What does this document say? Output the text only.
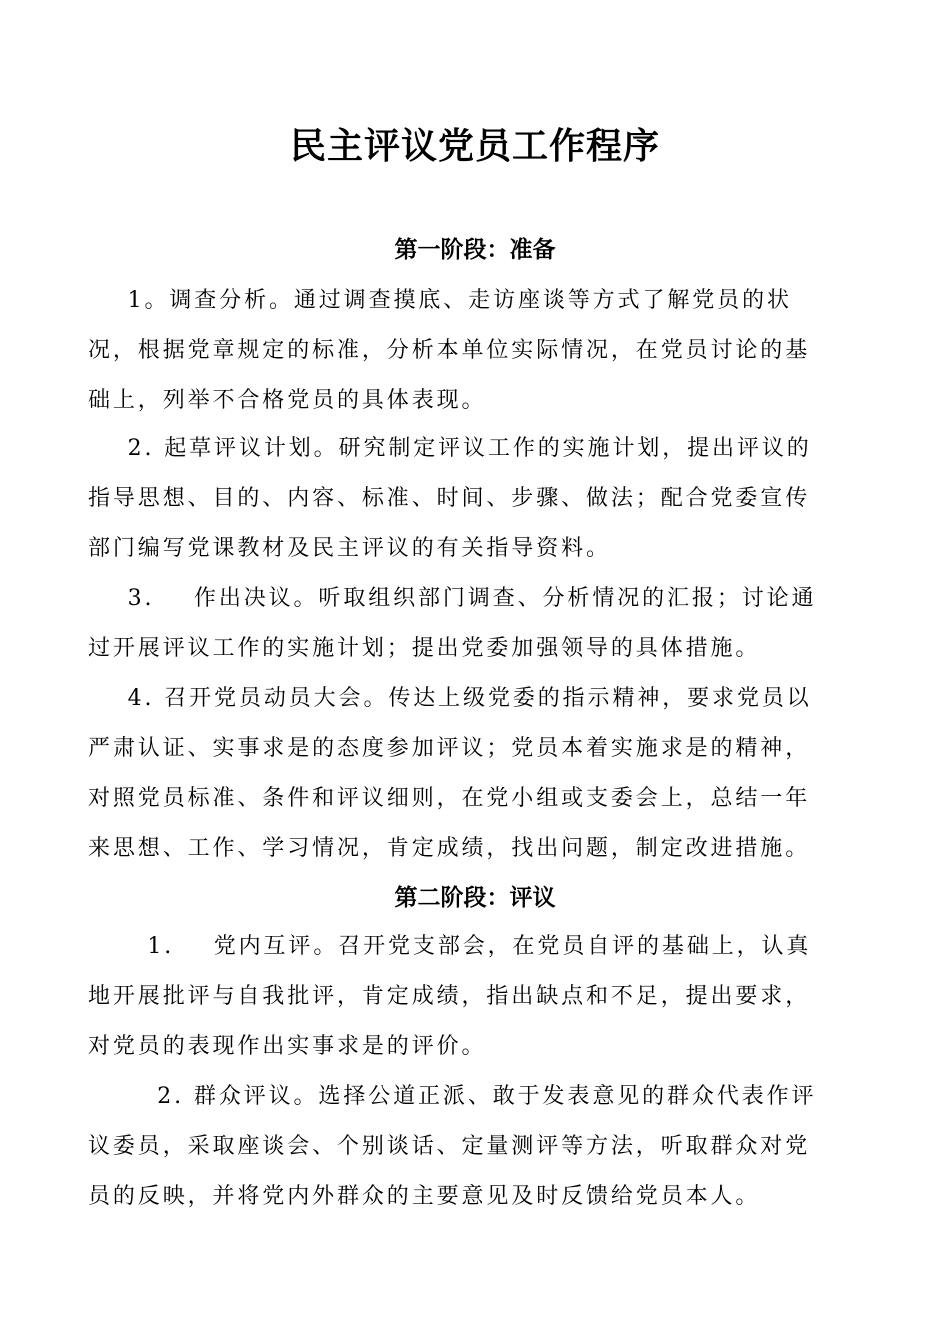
民主评议党员工作程序
第一阶段：准备

1。调查分析。通过调查摸底、走访座谈等方式了解党员的状
况，根据党章规定的标准，分析本单位实际情况，在党员讨论的基
础上，列举不合格党员的具体表现。

2. 起草评议计划。研究制定评议工作的实施计划，提出评议的
指导思想、目的、内容、标准、时间、步骤、做法；配合党委宣传
部门编写党课教材及民主评议的有关指导资料。

3.    作出决议。听取组织部门调查、分析情况的汇报；讨论通
过开展评议工作的实施计划；提出党委加强领导的具体措施。

4. 召开党员动员大会。传达上级党委的指示精神，要求党员以
严肃认证、实事求是的态度参加评议；党员本着实施求是的精神，
对照党员标准、条件和评议细则，在党小组或支委会上，总结一年
来思想、工作、学习情况，肯定成绩，找出问题，制定改进措施。

第二阶段：评议

1.    党内互评。召开党支部会，在党员自评的基础上，认真
地开展批评与自我批评，肯定成绩，指出缺点和不足，提出要求，
对党员的表现作出实事求是的评价。

2. 群众评议。选择公道正派、敢于发表意见的群众代表作评
议委员，采取座谈会、个别谈话、定量测评等方法，听取群众对党
员的反映，并将党内外群众的主要意见及时反馈给党员本人。
